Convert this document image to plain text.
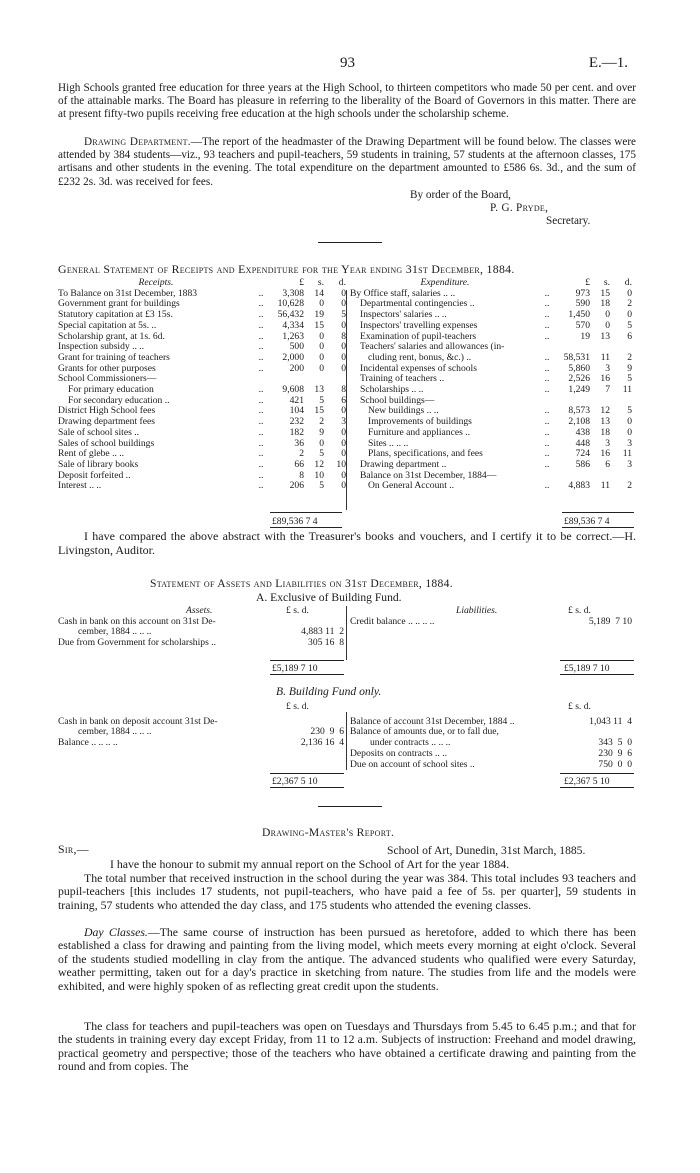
93	E.—1.

High Schools granted free education for three years at the High School, to thirteen competitors who made 50 per cent. and over of the attainable marks. The Board has pleasure in referring to the liberality of the Board of Governors in this matter. There are at present fifty-two pupils receiving free education at the high schools under the scholarship scheme.

Drawing Department.—The report of the headmaster of the Drawing Department will be found below. The classes were attended by 384 students—viz., 93 teachers and pupil-teachers, 59 students in training, 57 students at the afternoon classes, 175 artisans and other students in the evening. The total expenditure on the department amounted to £586 6s. 3d., and the sum of £232 2s. 3d. was received for fees.

By order of the Board,
P. G. Pryde,
Secretary.
General Statement of Receipts and Expenditure for the Year ending 31st December, 1884.
Receipts.		£	s.	d.
To Balance on 31st December, 1883	..	3,308	14	0
Government grant for buildings	..	10,628	0	0
Statutory capitation at £3 15s.	..	56,432	19	5
Special capitation at 5s. ..	..	4,334	15	0
Scholarship grant, at 1s. 6d.	..	1,263	0	8
Inspection subsidy .. ..	..	500	0	0
Grant for training of teachers	..	2,000	0	0
Grants for other purposes	..	200	0	0
School Commissioners—				
For primary education	..	9,608	13	8
For secondary education ..	..	421	5	6
District High School fees	..	104	15	0
Drawing department fees	..	232	2	3
Sale of school sites ..	..	182	9	0
Sales of school buildings	..	36	0	0
Rent of glebe .. ..	..	2	5	0
Sale of library books	..	66	12	10
Deposit forfeited ..	..	8	10	0
Interest .. ..	..	206	5	0
Expenditure.		£	s.	d.
By Office staff, salaries .. ..	..	973	15	0
Departmental contingencies ..	..	590	18	2
Inspectors' salaries .. ..	..	1,450	0	0
Inspectors' travelling expenses	..	570	0	5
Examination of pupil-teachers	..	19	13	6
Teachers' salaries and allowances (in-				
cluding rent, bonus, &c.) ..	..	58,531	11	2
Incidental expenses of schools	..	5,860	3	9
Training of teachers ..	..	2,526	16	5
Scholarships .. ..	..	1,249	7	11
School buildings—				
New buildings .. ..	..	8,573	12	5
Improvements of buildings	..	2,108	13	0
Furniture and appliances ..	..	438	18	0
Sites .. .. ..	..	448	3	3
Plans, specifications, and fees	..	724	16	11
Drawing department ..	..	586	6	3
Balance on 31st December, 1884—				
On General Account ..	..	4,883	11	2
£89,536 7 4	£89,536 7 4
I have compared the above abstract with the Treasurer's books and vouchers, and I certify it to be correct.—H. Livingston, Auditor.
Statement of Assets and Liabilities on 31st December, 1884.
A. Exclusive of Building Fund.
Assets.	£ s. d.

Cash in bank on this account on 31st De-
cember, 1884 .. .. ..	4,883 11  2
Due from Government for scholarships ..	305 16  8
Liabilities.	£ s. d.

Credit balance .. .. .. ..	5,189  7 10
£5,189 7 10	£5,189 7 10
B. Building Fund only.
£ s. d.

Cash in bank on deposit account 31st De-
cember, 1884 .. .. ..	230  9  6
Balance .. .. .. ..	2,136 16  4
£ s. d.

Balance of account 31st December, 1884 ..	1,043 11  4
Balance of amounts due, or to fall due,
under contracts .. .. ..	343  5  0
Deposits on contracts .. ..	230  9  6
Due on account of school sites ..	750  0  0
£2,367 5 10	£2,367 5 10
Drawing-Master's Report.
Sir,—	School of Art, Dunedin, 31st March, 1885.
I have the honour to submit my annual report on the School of Art for the year 1884.
The total number that received instruction in the school during the year was 384. This total includes 93 teachers and pupil-teachers [this includes 17 students, not pupil-teachers, who have paid a fee of 5s. per quarter], 59 students in training, 57 students who attended the day class, and 175 students who attended the evening classes.

Day Classes.—The same course of instruction has been pursued as heretofore, added to which there has been established a class for drawing and painting from the living model, which meets every morning at eight o'clock. Several of the students studied modelling in clay from the antique. The advanced students who qualified were every Saturday, weather permitting, taken out for a day's practice in sketching from nature. The studies from life and the models were exhibited, and were highly spoken of as reflecting great credit upon the students.

The class for teachers and pupil-teachers was open on Tuesdays and Thursdays from 5.45 to 6.45 p.m.; and that for the students in training every day except Friday, from 11 to 12 a.m. Subjects of instruction: Freehand and model drawing, practical geometry and perspective; those of the teachers who have obtained a certificate drawing and painting from the round and from copies. The
